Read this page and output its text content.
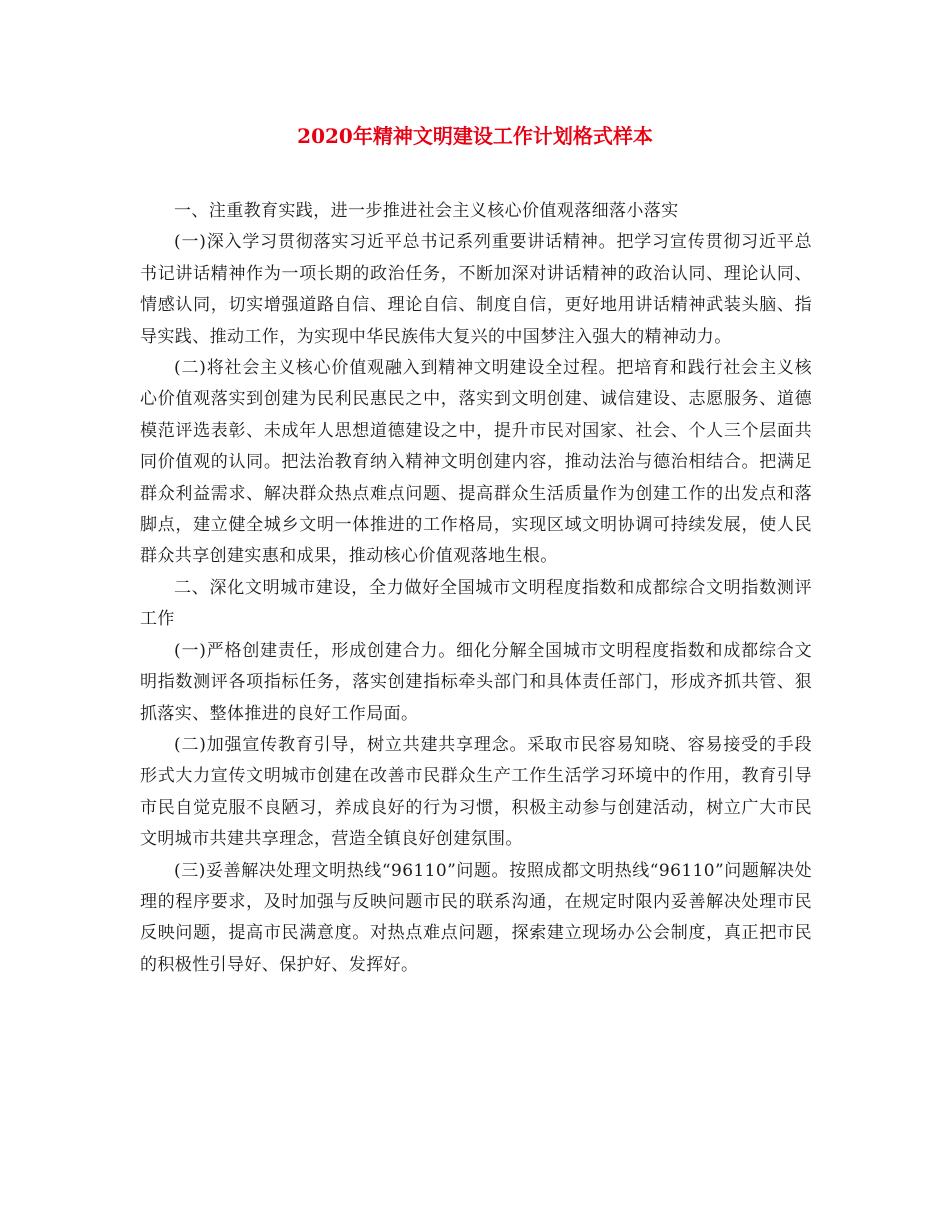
2020年精神文明建设工作计划格式样本

一、注重教育实践，进一步推进社会主义核心价值观落细落小落实

(一)深入学习贯彻落实习近平总书记系列重要讲话精神。把学习宣传贯彻习近平总书记讲话精神作为一项长期的政治任务，不断加深对讲话精神的政治认同、理论认同、情感认同，切实增强道路自信、理论自信、制度自信，更好地用讲话精神武装头脑、指导实践、推动工作，为实现中华民族伟大复兴的中国梦注入强大的精神动力。

(二)将社会主义核心价值观融入到精神文明建设全过程。把培育和践行社会主义核心价值观落实到创建为民利民惠民之中，落实到文明创建、诚信建设、志愿服务、道德模范评选表彰、未成年人思想道德建设之中，提升市民对国家、社会、个人三个层面共同价值观的认同。把法治教育纳入精神文明创建内容，推动法治与德治相结合。把满足群众利益需求、解决群众热点难点问题、提高群众生活质量作为创建工作的出发点和落脚点，建立健全城乡文明一体推进的工作格局，实现区域文明协调可持续发展，使人民群众共享创建实惠和成果，推动核心价值观落地生根。

二、深化文明城市建设，全力做好全国城市文明程度指数和成都综合文明指数测评工作

(一)严格创建责任，形成创建合力。细化分解全国城市文明程度指数和成都综合文明指数测评各项指标任务，落实创建指标牵头部门和具体责任部门，形成齐抓共管、狠抓落实、整体推进的良好工作局面。

(二)加强宣传教育引导，树立共建共享理念。采取市民容易知晓、容易接受的手段形式大力宣传文明城市创建在改善市民群众生产工作生活学习环境中的作用，教育引导市民自觉克服不良陋习，养成良好的行为习惯，积极主动参与创建活动，树立广大市民文明城市共建共享理念，营造全镇良好创建氛围。

(三)妥善解决处理文明热线“96110”问题。按照成都文明热线“96110”问题解决处理的程序要求，及时加强与反映问题市民的联系沟通，在规定时限内妥善解决处理市民反映问题，提高市民满意度。对热点难点问题，探索建立现场办公会制度，真正把市民的积极性引导好、保护好、发挥好。
